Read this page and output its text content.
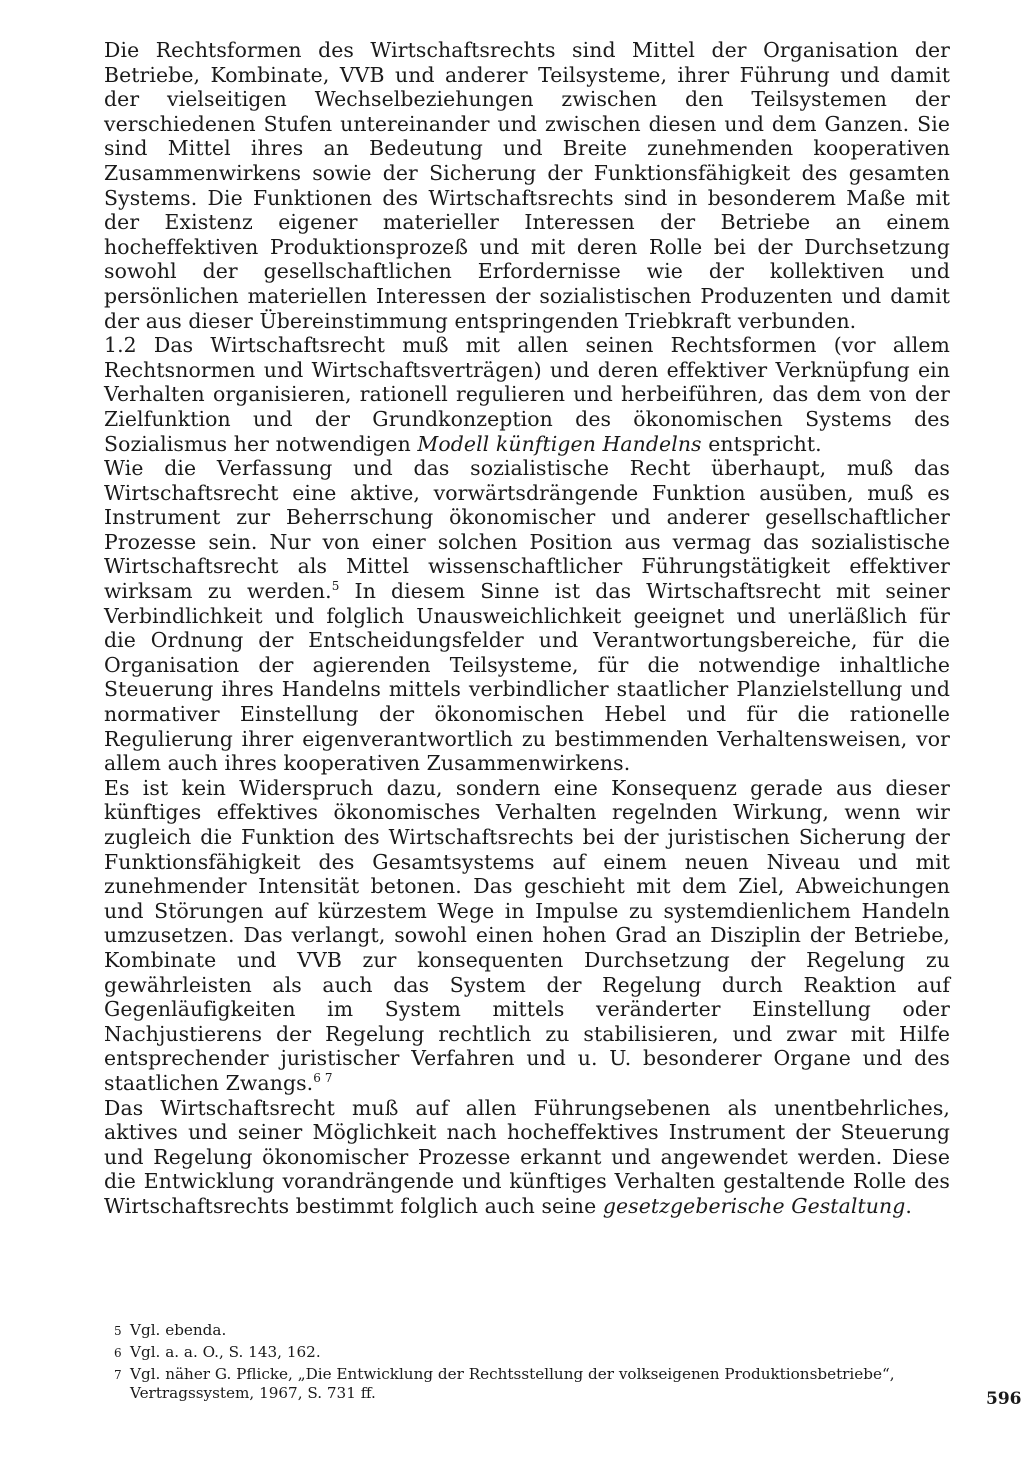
Die Rechtsformen des Wirtschaftsrechts sind Mittel der Organisation der Betriebe, Kombinate, VVB und anderer Teilsysteme, ihrer Führung und damit der vielseitigen Wechselbeziehungen zwischen den Teilsystemen der verschiedenen Stufen untereinander und zwischen diesen und dem Ganzen. Sie sind Mittel ihres an Bedeutung und Breite zunehmenden kooperativen Zusammenwirkens sowie der Sicherung der Funktionsfähigkeit des gesamten Systems. Die Funktionen des Wirtschaftsrechts sind in besonderem Maße mit der Existenz eigener materieller Interessen der Betriebe an einem hocheffektiven Produktionsprozeß und mit deren Rolle bei der Durchsetzung sowohl der gesellschaftlichen Erfordernisse wie der kollektiven und persönlichen materiellen Interessen der sozialistischen Produzenten und damit der aus dieser Übereinstimmung entspringenden Triebkraft verbunden.

1.2 Das Wirtschaftsrecht muß mit allen seinen Rechtsformen (vor allem Rechtsnormen und Wirtschaftsverträgen) und deren effektiver Verknüpfung ein Verhalten organisieren, rationell regulieren und herbeiführen, das dem von der Zielfunktion und der Grundkonzeption des ökonomischen Systems des Sozialismus her notwendigen Modell künftigen Handelns entspricht.

Wie die Verfassung und das sozialistische Recht überhaupt, muß das Wirtschaftsrecht eine aktive, vorwärtsdrängende Funktion ausüben, muß es Instrument zur Beherrschung ökonomischer und anderer gesellschaftlicher Prozesse sein. Nur von einer solchen Position aus vermag das sozialistische Wirtschaftsrecht als Mittel wissenschaftlicher Führungstätigkeit effektiver wirksam zu werden.$^5$ In diesem Sinne ist das Wirtschaftsrecht mit seiner Verbindlichkeit und folglich Unausweichlichkeit geeignet und unerläßlich für die Ordnung der Entscheidungsfelder und Verantwortungsbereiche, für die Organisation der agierenden Teilsysteme, für die notwendige inhaltliche Steuerung ihres Handelns mittels verbindlicher staatlicher Planzielstellung und normativer Einstellung der ökonomischen Hebel und für die rationelle Regulierung ihrer eigenverantwortlich zu bestimmenden Verhaltensweisen, vor allem auch ihres kooperativen Zusammenwirkens.

Es ist kein Widerspruch dazu, sondern eine Konsequenz gerade aus dieser künftiges effektives ökonomisches Verhalten regelnden Wirkung, wenn wir zugleich die Funktion des Wirtschaftsrechts bei der juristischen Sicherung der Funktionsfähigkeit des Gesamtsystems auf einem neuen Niveau und mit zunehmender Intensität betonen. Das geschieht mit dem Ziel, Abweichungen und Störungen auf kürzestem Wege in Impulse zu systemdienlichem Handeln umzusetzen. Das verlangt, sowohl einen hohen Grad an Disziplin der Betriebe, Kombinate und VVB zur konsequenten Durchsetzung der Regelung zu gewährleisten als auch das System der Regelung durch Reaktion auf Gegenläufigkeiten im System mittels veränderter Einstellung oder Nachjustierens der Regelung rechtlich zu stabilisieren, und zwar mit Hilfe entsprechender juristischer Verfahren und u. U. besonderer Organe und des staatlichen Zwangs.$^{6 7}$

Das Wirtschaftsrecht muß auf allen Führungsebenen als unentbehrliches, aktives und seiner Möglichkeit nach hocheffektives Instrument der Steuerung und Regelung ökonomischer Prozesse erkannt und angewendet werden. Diese die Entwicklung vorandrängende und künftiges Verhalten gestaltende Rolle des Wirtschaftsrechts bestimmt folglich auch seine gesetzgeberische Gestaltung.

5 Vgl. ebenda.
6 Vgl. a. a. O., S. 143, 162.
7 Vgl. näher G. Pflicke, „Die Entwicklung der Rechtsstellung der volkseigenen Produktionsbetriebe“, Vertragssystem, 1967, S. 731 ff.	596
